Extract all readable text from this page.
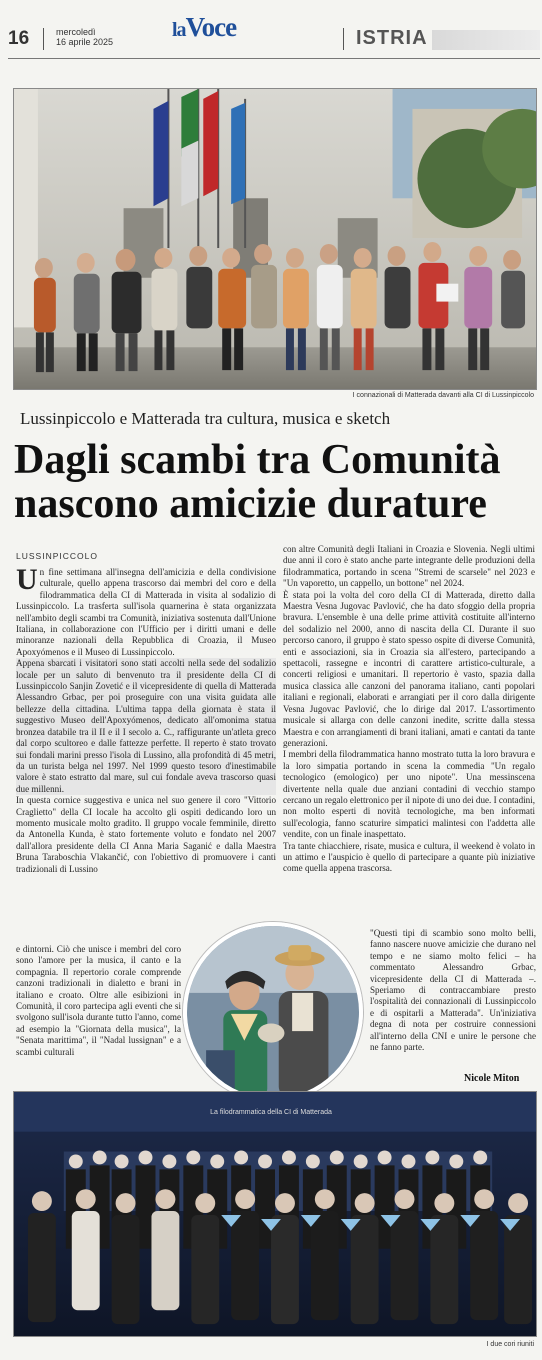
16	mercoledì
16 aprile 2025
laVoce	ISTRIA
I connazionali di Matterada davanti alla CI di Lussinpiccolo
Lussinpiccolo e Matterada tra cultura, musica e sketch
Dagli scambi tra Comunità
nascono amicizie durature
LUSSINPICCOLO

Un fine settimana all'insegna dell'amicizia e della condivisione culturale, quello appena trascorso dai membri del coro e della filodrammatica della CI di Matterada in visita al sodalizio di Lussinpiccolo. La trasferta sull'isola quarnerina è stata organizzata nell'ambito degli scambi tra Comunità, iniziativa sostenuta dall'Unione Italiana, in collaborazione con l'Ufficio per i diritti umani e delle minoranze nazionali della Repubblica di Croazia, il Museo Apoxyómenos e il Museo di Lussinpiccolo.

Appena sbarcati i visitatori sono stati accolti nella sede del sodalizio locale per un saluto di benvenuto tra il presidente della CI di Lussinpiccolo Sanjin Zovetić e il vicepresidente di quella di Matterada Alessandro Grbac, per poi proseguire con una visita guidata alle bellezze della cittadina. L'ultima tappa della giornata è stata il suggestivo Museo dell'Apoxyómenos, dedicato all'omonima statua bronzea databile tra il II e il I secolo a. C., raffigurante un'atleta greco dal corpo scultoreo e dalle fattezze perfette. Il reperto è stato trovato sui fondali marini presso l'isola di Lussino, alla profondità di 45 metri, da un turista belga nel 1997. Nel 1999 questo tesoro d'inestimabile valore è stato estratto dal mare, sul cui fondale aveva trascorso quasi due millenni.

In questa cornice suggestiva e unica nel suo genere il coro "Vittorio Craglietto" della CI locale ha accolto gli ospiti dedicando loro un momento musicale molto gradito. Il gruppo vocale femminile, diretto da Antonella Kunda, è stato fortemente voluto e fondato nel 2007 dall'allora presidente della CI Anna Maria Saganić e dalla Maestra Bruna Taraboschia Vlakančić, con l'obiettivo di promuovere i canti tradizionali di Lussino

e dintorni. Ciò che unisce i membri del coro sono l'amore per la musica, il canto e la compagnia. Il repertorio corale comprende canzoni tradizionali in dialetto e brani in italiano e croato. Oltre alle esibizioni in Comunità, il coro partecipa agli eventi che si svolgono sull'isola durante tutto l'anno, come ad esempio la "Giornata della musica", la "Senata marittima", il "Nadal lussignan" e a scambi culturali

con altre Comunità degli Italiani in Croazia e Slovenia. Negli ultimi due anni il coro è stato anche parte integrante delle produzioni della filodrammatica, portando in scena "Stremi de scarsele" nel 2023 e "Un vaporetto, un cappello, un bottone" nel 2024.

È stata poi la volta del coro della CI di Matterada, diretto dalla Maestra Vesna Jugovac Pavlović, che ha dato sfoggio della propria bravura. L'ensemble è una delle prime attività costituite all'interno del sodalizio nel 2000, anno di nascita della CI. Durante il suo percorso canoro, il gruppo è stato spesso ospite di diverse Comunità, enti e associazioni, sia in Croazia sia all'estero, partecipando a spettacoli, rassegne e incontri di carattere artistico-culturale, a concerti religiosi e umanitari. Il repertorio è vasto, spazia dalla musica classica alle canzoni del panorama italiano, canti popolari italiani e regionali, elaborati e arrangiati per il coro dalla dirigente Vesna Jugovac Pavlović, che lo dirige dal 2017. L'assortimento musicale si allarga con delle canzoni inedite, scritte dalla stessa Maestra e con arrangiamenti di brani italiani, amati e cantati da tante generazioni.

I membri della filodrammatica hanno mostrato tutta la loro bravura e la loro simpatia portando in scena la commedia "Un regalo tecnologico (emologico) per uno nipote". Una messinscena divertente nella quale due anziani contadini di vecchio stampo cercano un regalo elettronico per il nipote di uno dei due. I contadini, non molto esperti di novità tecnologiche, ma ben informati sull'ecologia, fanno scaturire simpatici malintesi con l'addetta alle vendite, con un finale inaspettato.

Tra tante chiacchiere, risate, musica e cultura, il weekend è volato in un attimo e l'auspicio è quello di partecipare a quante più iniziative come quella appena trascorsa.

"Questi tipi di scambio sono molto belli, fanno nascere nuove amicizie che durano nel tempo e ne siamo molto felici – ha commentato Alessandro Grbac, vicepresidente della CI di Matterada –. Speriamo di contraccambiare presto l'ospitalità dei connazionali di Lussinpiccolo e di ospitarli a Matterada". Un'iniziativa degna di nota per costruire connessioni all'interno della CNI e unire le persone che ne fanno parte.

Nicole Miton
La filodrammatica della CI di Matterada
I due cori riuniti
